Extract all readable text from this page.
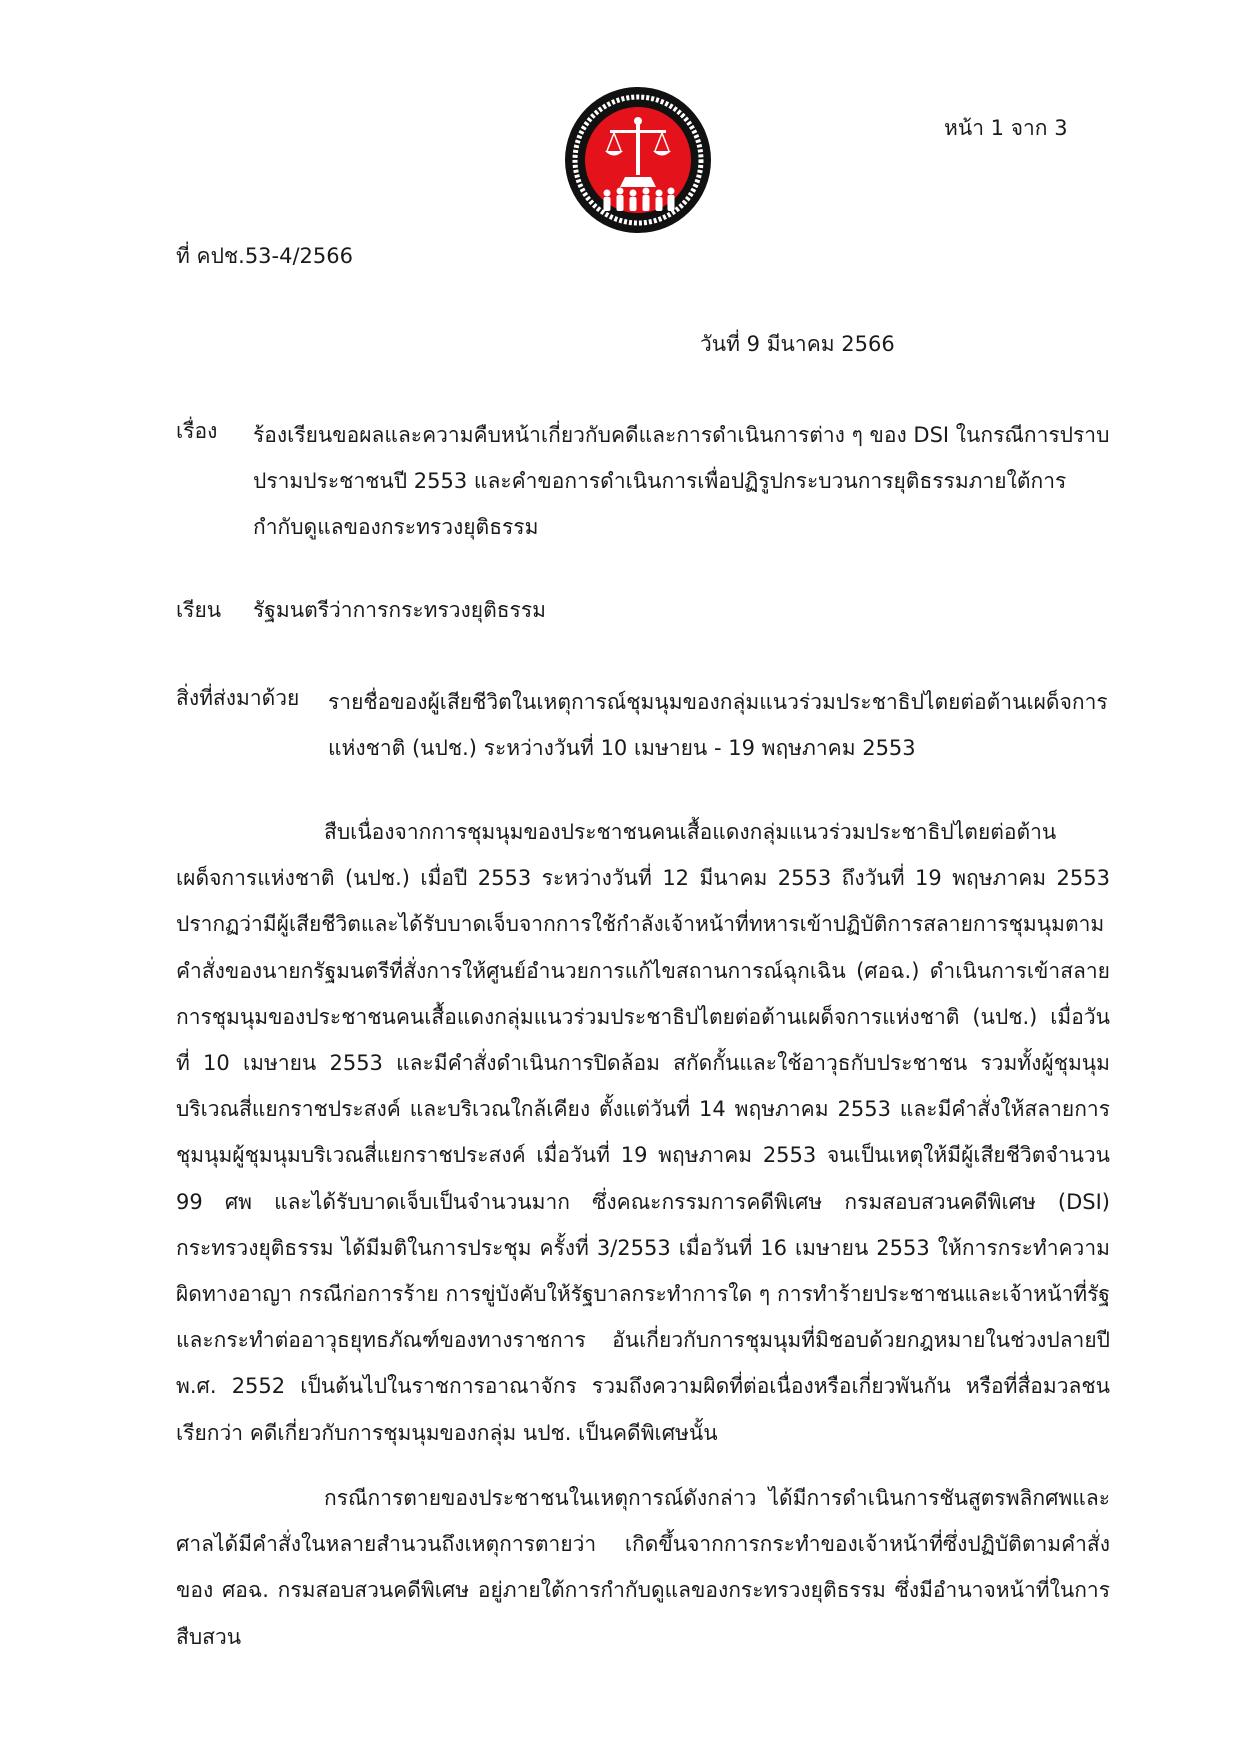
หน้า 1 จาก 3
ที่ คปช.53-4/2566
วันที่ 9 มีนาคม 2566
เรื่อง ร้องเรียนขอผลและความคืบหน้าเกี่ยวกับคดีและการดำเนินการต่าง ๆ ของ DSI ในกรณีการปราบปรามประชาชนปี 2553 และคำขอการดำเนินการเพื่อปฏิรูปกระบวนการยุติธรรมภายใต้การกำกับดูแลของกระทรวงยุติธรรม

เรียน รัฐมนตรีว่าการกระทรวงยุติธรรม
สิ่งที่ส่งมาด้วย รายชื่อของผู้เสียชีวิตในเหตุการณ์ชุมนุมของกลุ่มแนวร่วมประชาธิปไตยต่อต้านเผด็จการแห่งชาติ (นปช.) ระหว่างวันที่ 10 เมษายน - 19 พฤษภาคม 2553

สืบเนื่องจากการชุมนุมของประชาชนคนเสื้อแดงกลุ่มแนวร่วมประชาธิปไตยต่อต้านเผด็จการแห่งชาติ (นปช.) เมื่อปี 2553 ระหว่างวันที่ 12 มีนาคม 2553 ถึงวันที่ 19 พฤษภาคม 2553 ปรากฏว่ามีผู้เสียชีวิตและได้รับบาดเจ็บจากการใช้กำลังเจ้าหน้าที่ทหารเข้าปฏิบัติการสลายการชุมนุมตามคำสั่งของนายกรัฐมนตรีที่สั่งการให้ศูนย์อำนวยการแก้ไขสถานการณ์ฉุกเฉิน (ศอฉ.) ดำเนินการเข้าสลายการชุมนุมของประชาชนคนเสื้อแดงกลุ่มแนวร่วมประชาธิปไตยต่อต้านเผด็จการแห่งชาติ (นปช.) เมื่อวันที่ 10 เมษายน 2553 และมีคำสั่งดำเนินการปิดล้อม สกัดกั้นและใช้อาวุธกับประชาชน รวมทั้งผู้ชุมนุมบริเวณสี่แยกราชประสงค์ และบริเวณใกล้เคียง ตั้งแต่วันที่ 14 พฤษภาคม 2553 และมีคำสั่งให้สลายการชุมนุมผู้ชุมนุมบริเวณสี่แยกราชประสงค์ เมื่อวันที่ 19 พฤษภาคม 2553 จนเป็นเหตุให้มีผู้เสียชีวิตจำนวน 99 ศพ และได้รับบาดเจ็บเป็นจำนวนมาก ซึ่งคณะกรรมการคดีพิเศษ กรมสอบสวนคดีพิเศษ (DSI) กระทรวงยุติธรรม ได้มีมติในการประชุม ครั้งที่ 3/2553 เมื่อวันที่ 16 เมษายน 2553 ให้การกระทำความผิดทางอาญา กรณีก่อการร้าย การขู่บังคับให้รัฐบาลกระทำการใด ๆ การทำร้ายประชาชนและเจ้าหน้าที่รัฐ และกระทำต่ออาวุธยุทธภัณฑ์ของทางราชการ อันเกี่ยวกับการชุมนุมที่มิชอบด้วยกฎหมายในช่วงปลายปี พ.ศ. 2552 เป็นต้นไปในราชการอาณาจักร รวมถึงความผิดที่ต่อเนื่องหรือเกี่ยวพันกัน หรือที่สื่อมวลชนเรียกว่า คดีเกี่ยวกับการชุมนุมของกลุ่ม นปช. เป็นคดีพิเศษนั้น

กรณีการตายของประชาชนในเหตุการณ์ดังกล่าว ได้มีการดำเนินการชันสูตรพลิกศพและศาลได้มีคำสั่งในหลายสำนวนถึงเหตุการตายว่า เกิดขึ้นจากการกระทำของเจ้าหน้าที่ซึ่งปฏิบัติตามคำสั่งของ ศอฉ. กรมสอบสวนคดีพิเศษ อยู่ภายใต้การกำกับดูแลของกระทรวงยุติธรรม ซึ่งมีอำนาจหน้าที่ในการสืบสวน
